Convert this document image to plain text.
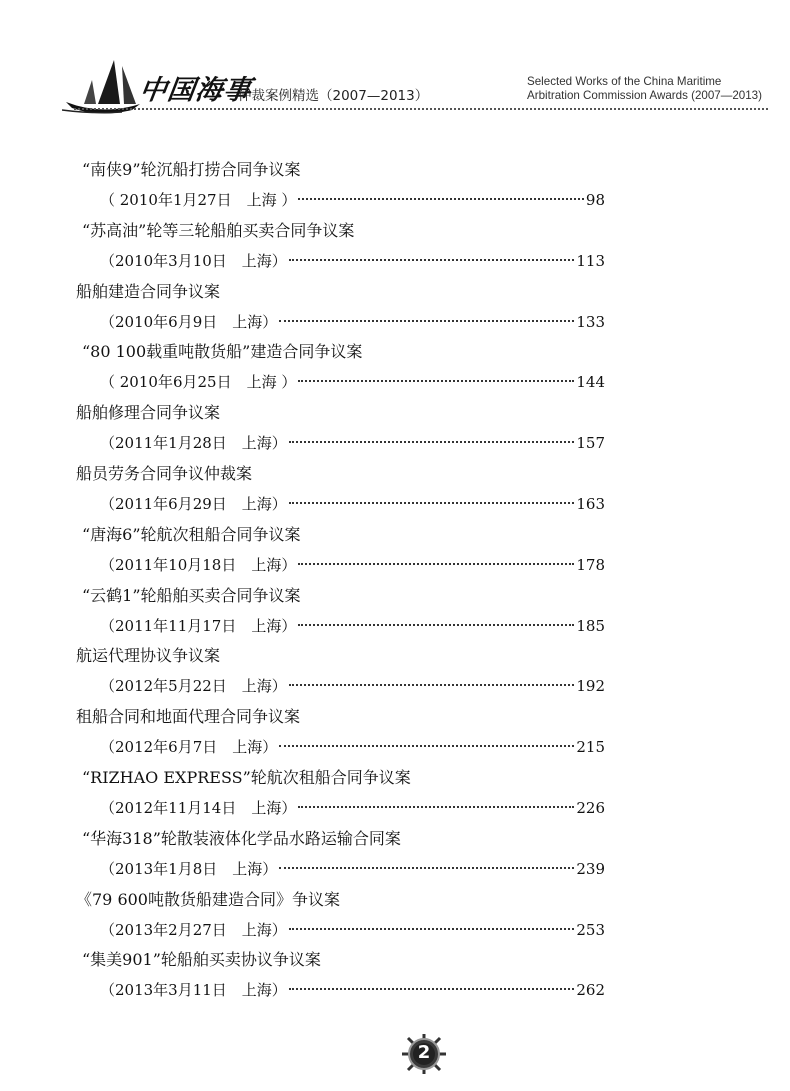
中国海事
仲裁案例精选（2007—2013）
Selected Works of the China Maritime
Arbitration Commission Awards (2007—2013)
“南侠9”轮沉船打捞合同争议案
（ 2010年1月27日　上海 ）	98
“苏高油”轮等三轮船舶买卖合同争议案
（2010年3月10日　上海）	113
船舶建造合同争议案
（2010年6月9日　上海）	133
“80 100载重吨散货船”建造合同争议案
（ 2010年6月25日　上海 ）	144
船舶修理合同争议案
（2011年1月28日　上海）	157
船员劳务合同争议仲裁案
（2011年6月29日　上海）	163
“唐海6”轮航次租船合同争议案
（2011年10月18日　上海）	178
“云鹤1”轮船舶买卖合同争议案
（2011年11月17日　上海）	185
航运代理协议争议案
（2012年5月22日　上海）	192
租船合同和地面代理合同争议案
（2012年6月7日　上海）	215
“RIZHAO EXPRESS”轮航次租船合同争议案
（2012年11月14日　上海）	226
“华海318”轮散装液体化学品水路运输合同案
（2013年1月8日　上海）	239
《79 600吨散货船建造合同》争议案
（2013年2月27日　上海）	253
“集美901”轮船舶买卖协议争议案
（2013年3月11日　上海）	262
2
